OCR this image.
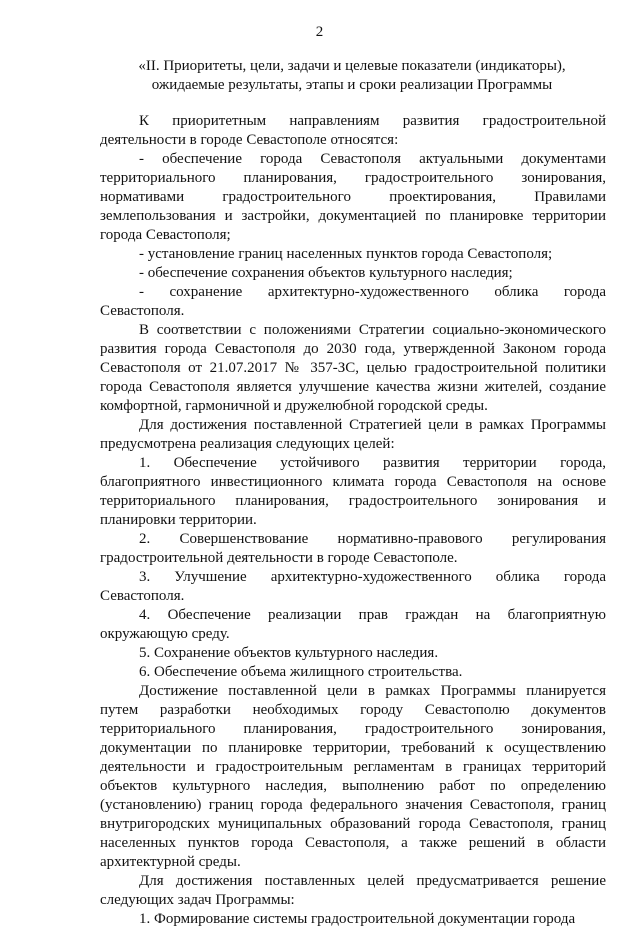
2
«II. Приоритеты, цели, задачи и целевые показатели (индикаторы),
ожидаемые результаты, этапы и сроки реализации Программы

К приоритетным направлениям развития градостроительной деятельности в городе Севастополе относятся:

- обеспечение города Севастополя актуальными документами территориального планирования, градостроительного зонирования, нормативами градостроительного проектирования, Правилами землепользования и застройки, документацией по планировке территории города Севастополя;

- установление границ населенных пунктов города Севастополя;

- обеспечение сохранения объектов культурного наследия;

- сохранение архитектурно-художественного облика города Севастополя.

В соответствии с положениями Стратегии социально-экономического развития города Севастополя до 2030 года, утвержденной Законом города Севастополя от 21.07.2017 № 357-ЗС, целью градостроительной политики города Севастополя является улучшение качества жизни жителей, создание комфортной, гармоничной и дружелюбной городской среды.

Для достижения поставленной Стратегией цели в рамках Программы предусмотрена реализация следующих целей:

1. Обеспечение устойчивого развития территории города, благоприятного инвестиционного климата города Севастополя на основе территориального планирования, градостроительного зонирования и планировки территории.

2. Совершенствование нормативно-правового регулирования градостроительной деятельности в городе Севастополе.

3. Улучшение архитектурно-художественного облика города Севастополя.

4. Обеспечение реализации прав граждан на благоприятную окружающую среду.

5. Сохранение объектов культурного наследия.

6. Обеспечение объема жилищного строительства.

Достижение поставленной цели в рамках Программы планируется путем разработки необходимых городу Севастополю документов территориального планирования, градостроительного зонирования, документации по планировке территории, требований к осуществлению деятельности и градостроительным регламентам в границах территорий объектов культурного наследия, выполнению работ по определению (установлению) границ города федерального значения Севастополя, границ внутригородских муниципальных образований города Севастополя, границ населенных пунктов города Севастополя, а также решений в области архитектурной среды.

Для достижения поставленных целей предусматривается решение следующих задач Программы:

1. Формирование системы градостроительной документации города
